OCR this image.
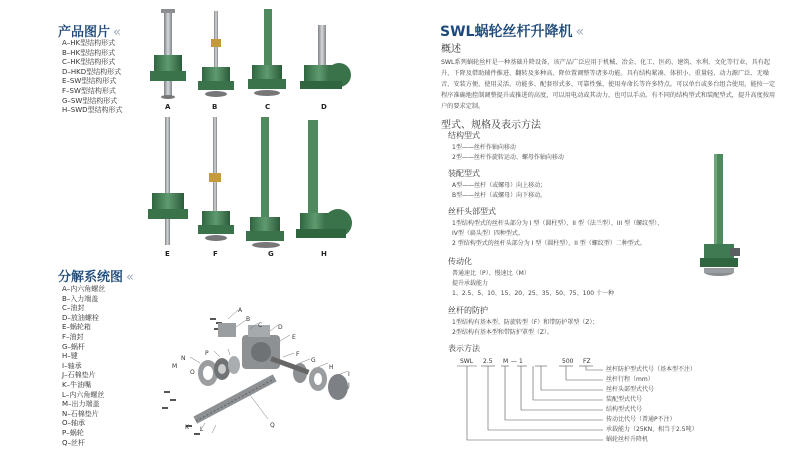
产品图片 «
A–HK型结构形式
B–HK型结构形式
C–HK型结构形式
D–HKD型结构形式
E–SW型结构形式
F–SW型结构形式
G–SW型结构形式
H–SWD型结构形式	A	B	C	D
E	F	G	H
分解系统图 «
A–内六角螺丝
B–入力端盖
C–油封
D–放油螺栓
E–蜗轮箱
F–油封
G–蜗杆
H–键
I–轴承
J–石棉垫片
K–牛油嘴
L–内六角螺丝
M–出力端盖
N–石棉垫片
O–轴承
P–蜗轮
Q–丝杆
A
B
C	D
E
F
G
H
I
J
K L
M
N
O
P
Q
SWL蜗轮丝杆升降机 «
概述
SWL系列蜗轮丝杆是一种基础升降设备，该产品广泛应用于机械、冶金、化工、医药、建筑、水利、文化等行业，具有起升、下降及借助辅件推进、翻转及多种高、降位置调整等诸多功能。具有结构紧凑、体积小、重量轻、动力源广泛、无噪音、安装方便、使用灵活、功能多、配套形式多、可靠性强、使用寿命长等许多特点。可以单台或多台组合使用，能按一定程序准确地控制调整提升或推进的高度，可以用电动或其动力，也可以手动。有不同的结构型式和装配型式，提升高度按用户的要求定制。
型式、规格及表示方法
结构型式
1型——丝杆作轴向移动
2型——丝杆作旋转运动、螺母作轴向移动
装配型式
A型——丝杆（或螺母）向上移动；
B型——丝杆（或螺母）向下移动。
丝杆头部型式
1型结构型式的丝杆头部分为 I 型（圆柱型）、II 型（法兰型）、III 型（螺纹型）、
IV型（扁头型）四种型式。
2 型结构型式的丝杆头部分为 I 型（圆柱型）、II 型（螺纹型）二种型式。
传动化
普通速比（P）、慢速比（M）
提升承载能力
1、2.5、5、10、15、20、25、35、50、75、100 十一种
丝杆的防护
1型结构有基本型、防旋转型（F）和带防护罩型（Z）；
2型结构有基本型和带防护罩型（Z）。
表示方法
SWL 2.5 M — 1	500 FZ
丝杆防护型式代号（基本型不注）
丝杆行程（mm）
丝杆头部型式代号
装配型式代号
结构型式代号
传动比代号（普通P不注）
承载能力（25KN、相当于2.5吨）
蜗轮丝杆升降机
